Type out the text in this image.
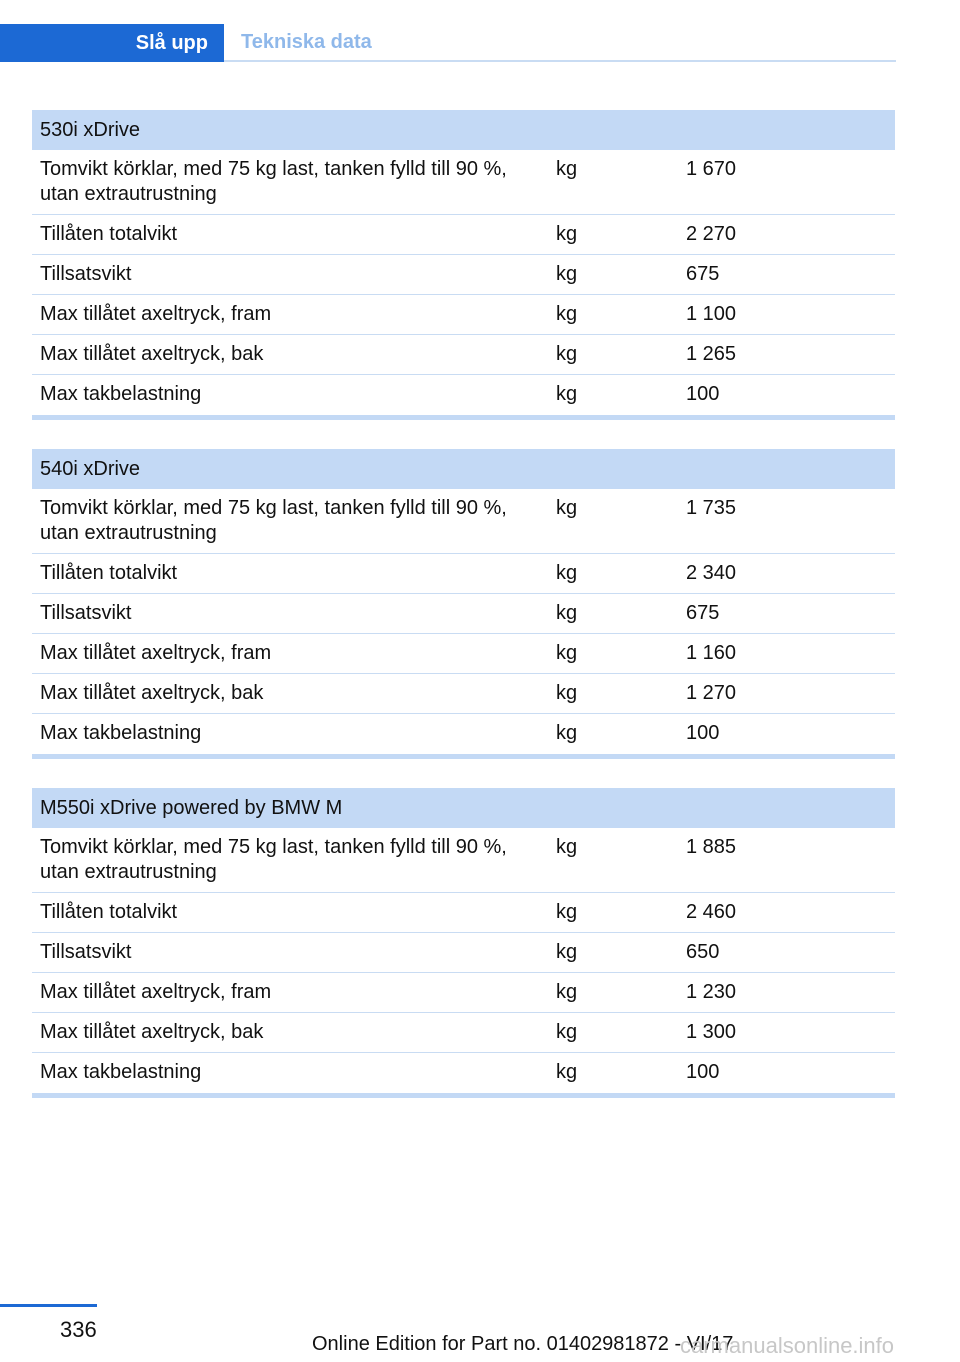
Slå upp	Tekniska data
530i xDrive
Tomvikt körklar, med 75 kg last, tanken fylld till 90 %,
utan extrautrustning
kg	1 670
Tillåten totalvikt	kg	2 270
Tillsatsvikt	kg	675
Max tillåtet axeltryck, fram	kg	1 100
Max tillåtet axeltryck, bak	kg	1 265
Max takbelastning	kg	100
540i xDrive
Tomvikt körklar, med 75 kg last, tanken fylld till 90 %,
utan extrautrustning
kg	1 735
Tillåten totalvikt	kg	2 340
Tillsatsvikt	kg	675
Max tillåtet axeltryck, fram	kg	1 160
Max tillåtet axeltryck, bak	kg	1 270
Max takbelastning	kg	100
M550i xDrive powered by BMW M
Tomvikt körklar, med 75 kg last, tanken fylld till 90 %,
utan extrautrustning
kg	1 885
Tillåten totalvikt	kg	2 460
Tillsatsvikt	kg	650
Max tillåtet axeltryck, fram	kg	1 230
Max tillåtet axeltryck, bak	kg	1 300
Max takbelastning	kg	100
336
Online Edition for Part no. 01402981872 - VI/17
carmanualsonline.info
